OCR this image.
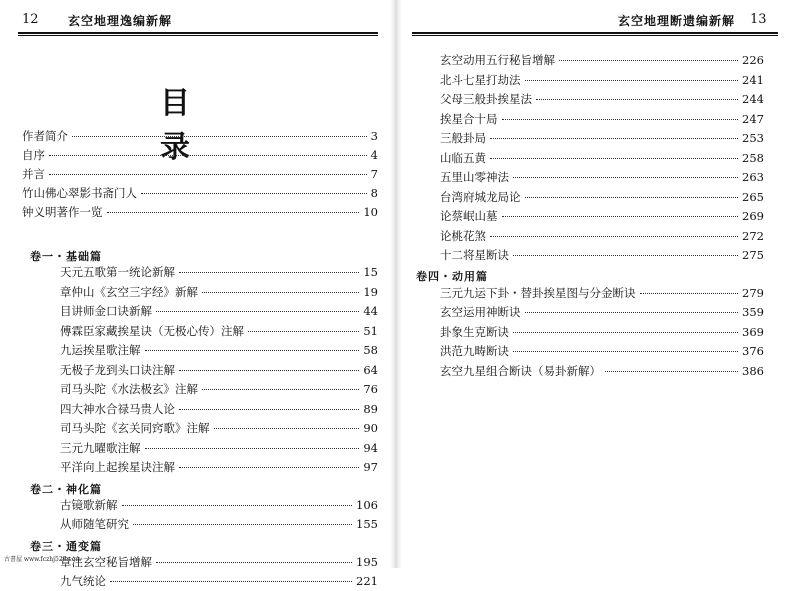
12 玄空地理逸编新解
目 录
作者简介	3
自序	4
并言	7
竹山佛心翠影书斋门人	8
钟义明著作一览	10
卷一・基础篇
天元五歌第一统论新解	15
章仲山《玄空三字经》新解	19
目讲师金口诀新解	44
傅霖臣家藏挨星诀（无极心传）注解	51
九运挨星歌注解	58
无极子龙到头口诀注解	64
司马头陀《水法极玄》注解	76
四大神水合禄马贵人论	89
司马头陀《玄关同窍歌》注解	90
三元九曜歌注解	94
平洋向上起挨星诀注解	97
卷二・神化篇
古镜歌新解	106
从师随笔研究	155
卷三・通变篇
章注玄空秘旨增解	195
九气统论	221
古書屋 www.fczhj520.com
玄空地理断遗编新解 13
玄空动用五行秘旨增解	226
北斗七星打劫法	241
父母三般卦挨星法	244
挨星合十局	247
三般卦局	253
山临五黄	258
五里山零神法	263
台湾府城龙局论	265
论蔡岷山墓	269
论桃花煞	272
十二将星断诀	275
卷四・动用篇
三元九运下卦・替卦挨星图与分金断诀	279
玄空运用神断诀	359
卦象生克断诀	369
洪范九畴断诀	376
玄空九星组合断诀（易卦新解）	386
